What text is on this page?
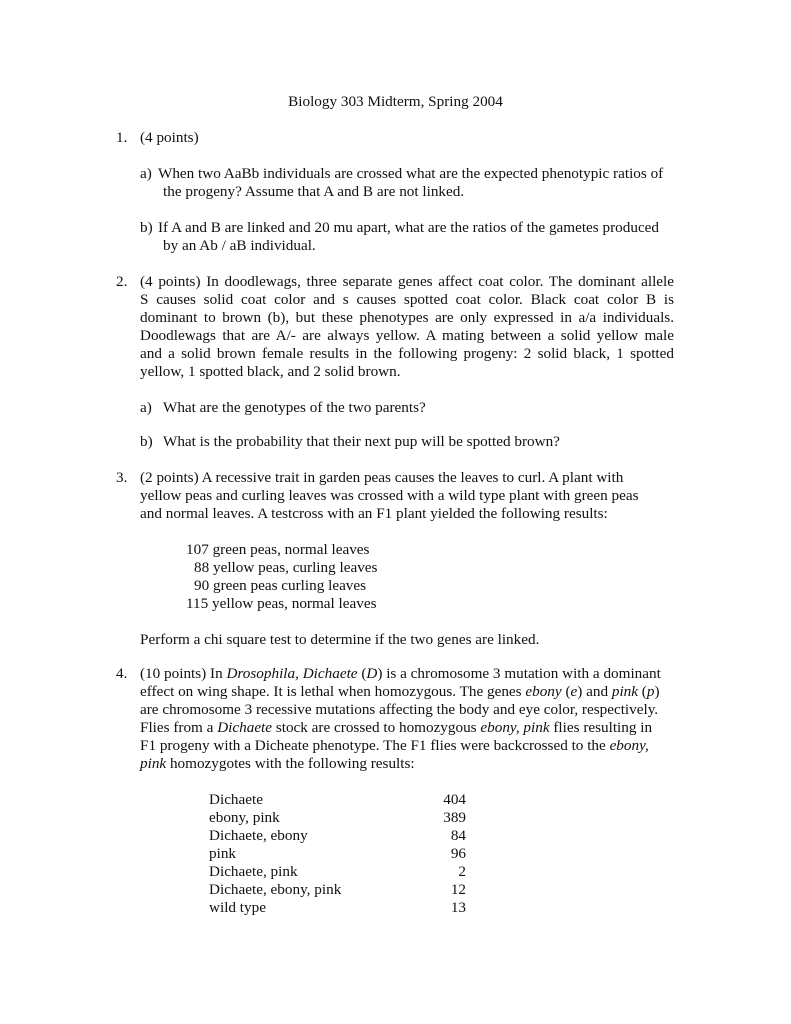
Biology 303 Midterm, Spring 2004
1. (4 points)
a) When two AaBb individuals are crossed what are the expected phenotypic ratios of
the progeny? Assume that A and B are not linked.
b) If A and B are linked and 20 mu apart, what are the ratios of the gametes produced
by an Ab / aB individual.
2. (4 points) In doodlewags, three separate genes affect coat color. The dominant allele
S causes solid coat color and s causes spotted coat color. Black coat color B is
dominant to brown (b), but these phenotypes are only expressed in a/a individuals.
Doodlewags that are A/- are always yellow. A mating between a solid yellow male
and a solid brown female results in the following progeny: 2 solid black, 1 spotted
yellow, 1 spotted black, and 2 solid brown.
a) What are the genotypes of the two parents?
b) What is the probability that their next pup will be spotted brown?
3. (2 points) A recessive trait in garden peas causes the leaves to curl. A plant with
yellow peas and curling leaves was crossed with a wild type plant with green peas
and normal leaves. A testcross with an F1 plant yielded the following results:
107 green peas, normal leaves
88 yellow peas, curling leaves
90 green peas curling leaves
115 yellow peas, normal leaves
Perform a chi square test to determine if the two genes are linked.
4. (10 points) In Drosophila, Dichaete (D) is a chromosome 3 mutation with a dominant
effect on wing shape. It is lethal when homozygous. The genes ebony (e) and pink (p)
are chromosome 3 recessive mutations affecting the body and eye color, respectively.
Flies from a Dichaete stock are crossed to homozygous ebony, pink flies resulting in
F1 progeny with a Dicheate phenotype. The F1 flies were backcrossed to the ebony,
pink homozygotes with the following results:
Dichaete	404
ebony, pink	389
Dichaete, ebony	84
pink	96
Dichaete, pink	2
Dichaete, ebony, pink	12
wild type	13
